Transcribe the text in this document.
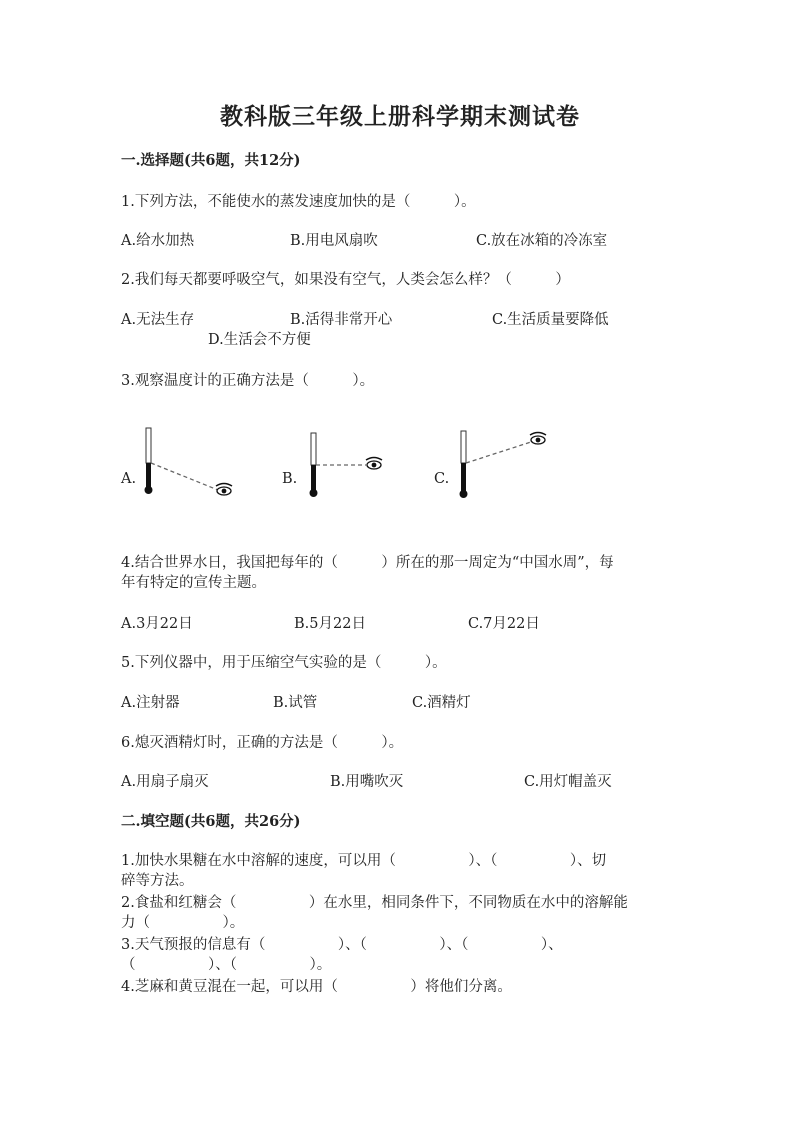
教科版三年级上册科学期末测试卷
一.选择题(共6题，共12分)
1.下列方法，不能使水的蒸发速度加快的是（　　　）。
A.给水加热	B.用电风扇吹	C.放在冰箱的冷冻室
2.我们每天都要呼吸空气，如果没有空气，人类会怎么样？（　　　）
A.无法生存	B.活得非常开心	C.生活质量要降低
D.生活会不方便
3.观察温度计的正确方法是（　　　）。
A.	B.	C.
4.结合世界水日，我国把每年的（　　　）所在的那一周定为“中国水周”，每
年有特定的宣传主题。
A.3月22日	B.5月22日	C.7月22日
5.下列仪器中，用于压缩空气实验的是（　　　）。
A.注射器	B.试管	C.酒精灯
6.熄灭酒精灯时，正确的方法是（　　　）。
A.用扇子扇灭	B.用嘴吹灭	C.用灯帽盖灭
二.填空题(共6题，共26分)
1.加快水果糖在水中溶解的速度，可以用（　　　　　）、（　　　　　）、切
碎等方法。
2.食盐和红糖会（　　　　　）在水里，相同条件下，不同物质在水中的溶解能
力（　　　　　）。
3.天气预报的信息有（　　　　　）、（　　　　　）、（　　　　　）、
（　　　　　）、（　　　　　）。
4.芝麻和黄豆混在一起，可以用（　　　　　）将他们分离。
